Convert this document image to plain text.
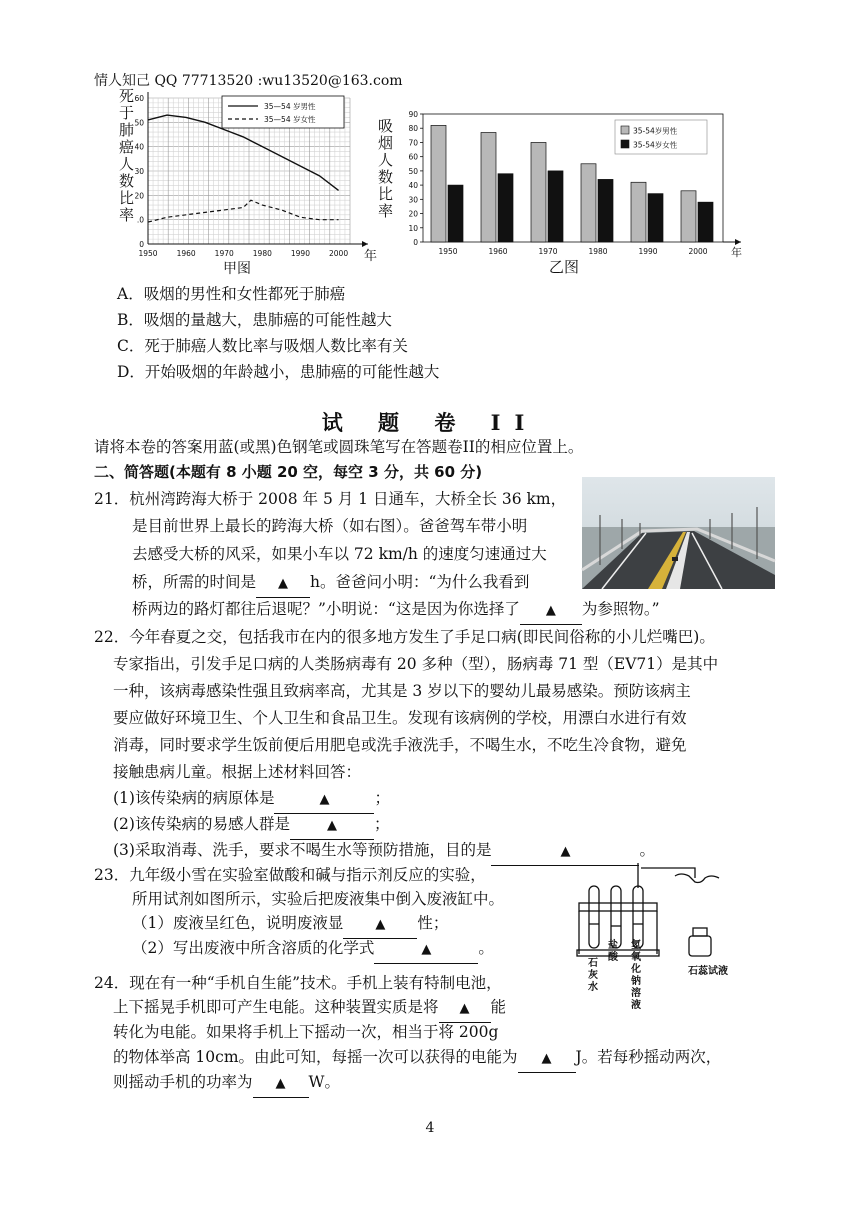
情人知己 QQ 77713520 :wu13520@163.com
1950	1960	1970	1980	1990	2000
0
.0
20
30
40
50
60
年
35—54 岁男性
35—54 岁女性
死于肺癌人数比率
甲图
0
10
20
30
40
50
60
70
80
90
1950	1960	1970	1980	1990	2000 年
35-54岁男性
35-54岁女性
吸烟人数比率
乙图
A．吸烟的男性和女性都死于肺癌
B．吸烟的量越大，患肺癌的可能性越大
C．死于肺癌人数比率与吸烟人数比率有关
D．开始吸烟的年龄越小，患肺癌的可能性越大
试 题 卷 II
请将本卷的答案用蓝(或黑)色钢笔或圆珠笔写在答题卷II的相应位置上。
二、简答题(本题有 8 小题 20 空，每空 3 分，共 60 分)
21．杭州湾跨海大桥于 2008 年 5 月 1 日通车，大桥全长 36 km，
是目前世界上最长的跨海大桥（如右图）。爸爸驾车带小明
去感受大桥的风采，如果小车以 72 km/h 的速度匀速通过大
桥，所需的时间是 ▲ h。爸爸问小明：“为什么我看到
桥两边的路灯都往后退呢？”小明说：“这是因为你选择了 ▲ 为参照物。”
22．今年春夏之交，包括我市在内的很多地方发生了手足口病(即民间俗称的小儿烂嘴巴)。
专家指出，引发手足口病的人类肠病毒有 20 多种（型），肠病毒 71 型（EV71）是其中
一种，该病毒感染性强且致病率高，尤其是 3 岁以下的婴幼儿最易感染。预防该病主
要应做好环境卫生、个人卫生和食品卫生。发现有该病例的学校，用漂白水进行有效
消毒，同时要求学生饭前便后用肥皂或洗手液洗手，不喝生水，不吃生冷食物，避免
接触患病儿童。根据上述材料回答：
(1)该传染病的病原体是	▲	；
(2)该传染病的易感人群是	▲ ；
(3)采取消毒、洗手，要求不喝生水等预防措施，目的是	▲	。
23．九年级小雪在实验室做酸和碱与指示剂反应的实验，
所用试剂如图所示，实验后把废液集中倒入废液缸中。
（1）废液呈红色，说明废液显 ▲ 性；
（2）写出废液中所含溶质的化学式	▲	。
石灰水
盐酸
氢氧化钠溶液
石蕊试液
24．现在有一种“手机自生能”技术。手机上装有特制电池，
上下摇晃手机即可产生电能。这种装置实质是将 ▲ 能
转化为电能。如果将手机上下摇动一次，相当于将 200g
的物体举高 10cm。由此可知，每摇一次可以获得的电能为 ▲ J。若每秒摇动两次，
则摇动手机的功率为 ▲ W。
4
